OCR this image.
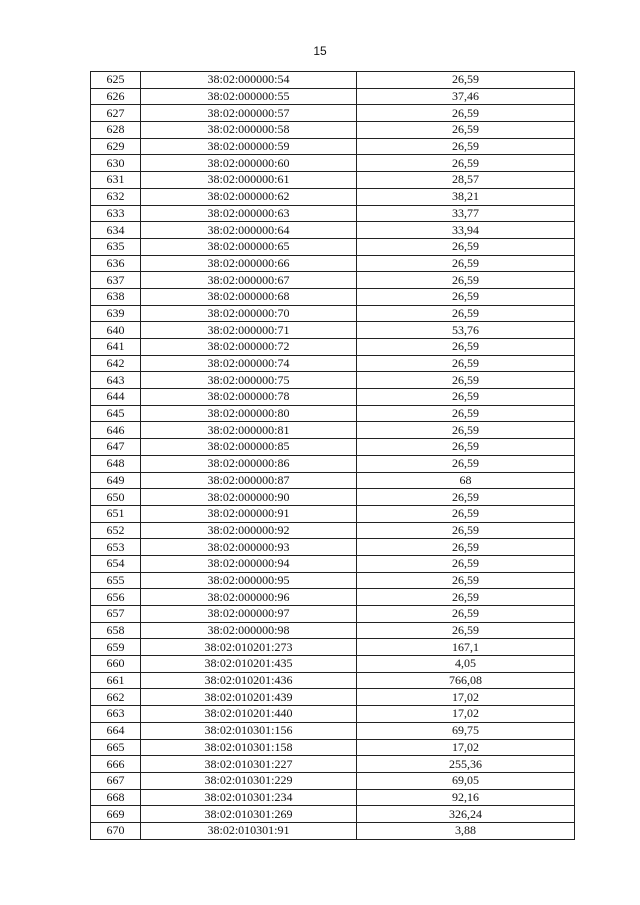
15
625	38:02:000000:54	26,59
626	38:02:000000:55	37,46
627	38:02:000000:57	26,59
628	38:02:000000:58	26,59
629	38:02:000000:59	26,59
630	38:02:000000:60	26,59
631	38:02:000000:61	28,57
632	38:02:000000:62	38,21
633	38:02:000000:63	33,77
634	38:02:000000:64	33,94
635	38:02:000000:65	26,59
636	38:02:000000:66	26,59
637	38:02:000000:67	26,59
638	38:02:000000:68	26,59
639	38:02:000000:70	26,59
640	38:02:000000:71	53,76
641	38:02:000000:72	26,59
642	38:02:000000:74	26,59
643	38:02:000000:75	26,59
644	38:02:000000:78	26,59
645	38:02:000000:80	26,59
646	38:02:000000:81	26,59
647	38:02:000000:85	26,59
648	38:02:000000:86	26,59
649	38:02:000000:87	68
650	38:02:000000:90	26,59
651	38:02:000000:91	26,59
652	38:02:000000:92	26,59
653	38:02:000000:93	26,59
654	38:02:000000:94	26,59
655	38:02:000000:95	26,59
656	38:02:000000:96	26,59
657	38:02:000000:97	26,59
658	38:02:000000:98	26,59
659	38:02:010201:273	167,1
660	38:02:010201:435	4,05
661	38:02:010201:436	766,08
662	38:02:010201:439	17,02
663	38:02:010201:440	17,02
664	38:02:010301:156	69,75
665	38:02:010301:158	17,02
666	38:02:010301:227	255,36
667	38:02:010301:229	69,05
668	38:02:010301:234	92,16
669	38:02:010301:269	326,24
670	38:02:010301:91	3,88
